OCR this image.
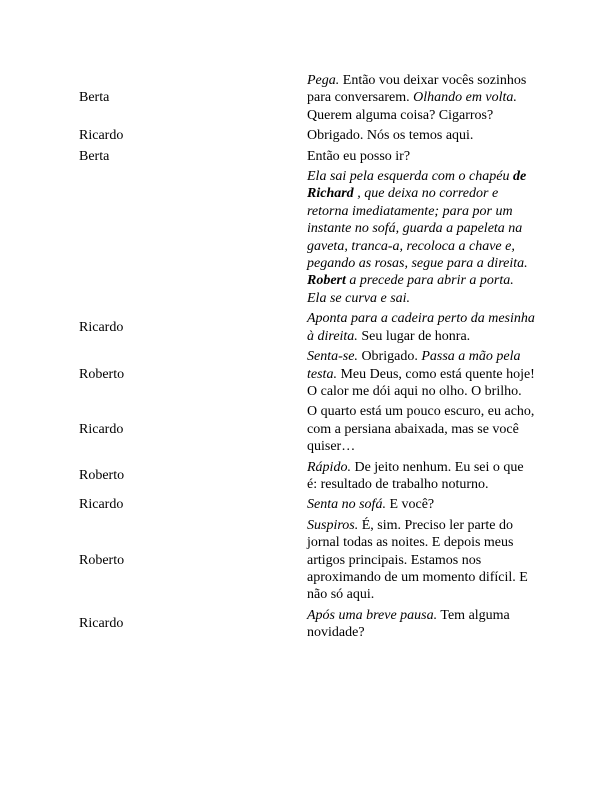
Berta	Pega. Então vou deixar vocês sozinhos para conversarem. Olhando em volta. Querem alguma coisa? Cigarros?
Ricardo	Obrigado. Nós os temos aqui.
Berta	Então eu posso ir?
	Ela sai pela esquerda com o chapéu de Richard , que deixa no corredor e retorna imediatamente; para por um instante no sofá, guarda a papeleta na gaveta, tranca-a, recoloca a chave e, pegando as rosas, segue para a direita. Robert a precede para abrir a porta. Ela se curva e sai.
Ricardo	Aponta para a cadeira perto da mesinha à direita. Seu lugar de honra.
Roberto	Senta-se. Obrigado. Passa a mão pela testa. Meu Deus, como está quente hoje! O calor me dói aqui no olho. O brilho.
Ricardo	O quarto está um pouco escuro, eu acho, com a persiana abaixada, mas se você quiser…
Roberto	Rápido. De jeito nenhum. Eu sei o que é: resultado de trabalho noturno.
Ricardo	Senta no sofá. E você?
Roberto	Suspiros. É, sim. Preciso ler parte do jornal todas as noites. E depois meus artigos principais. Estamos nos aproximando de um momento difícil. E não só aqui.
Ricardo	Após uma breve pausa. Tem alguma novidade?
